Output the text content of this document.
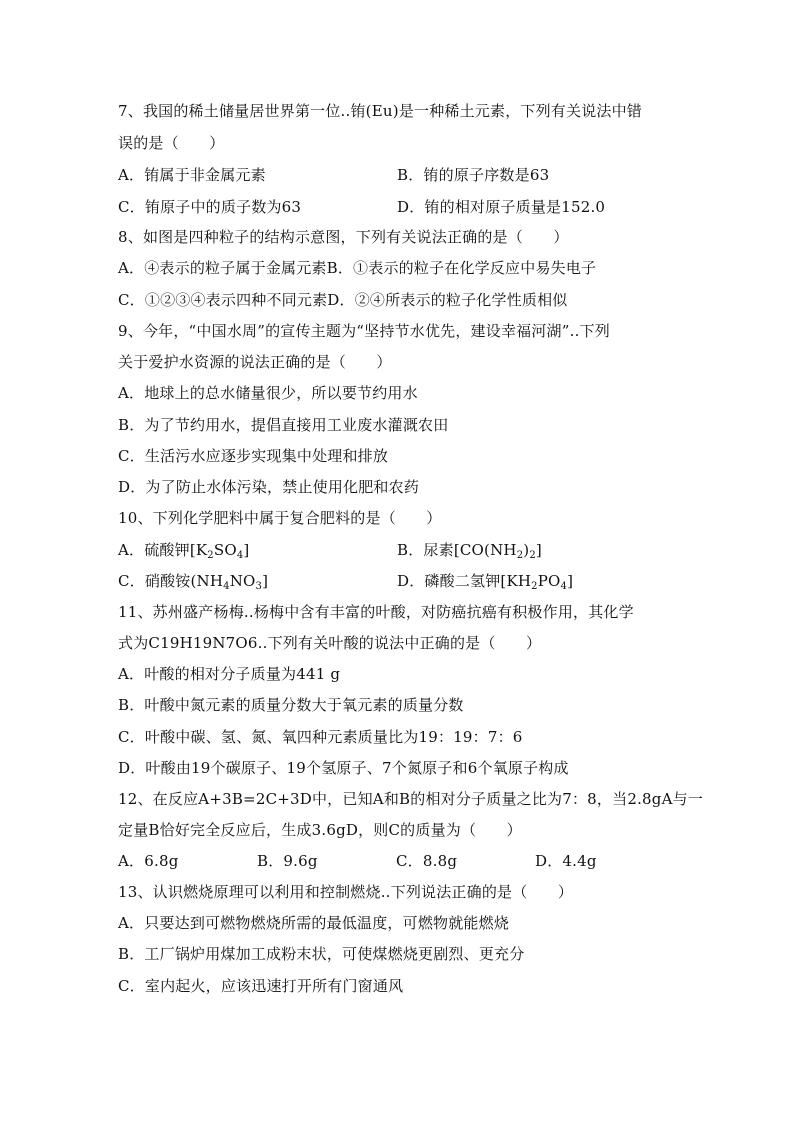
7、我国的稀土储量居世界第一位..铕(Eu)是一种稀土元素，下列有关说法中错
误的是（　　）
A．铕属于非金属元素	B．铕的原子序数是63
C．铕原子中的质子数为63	D．铕的相对原子质量是152.0
8、如图是四种粒子的结构示意图，下列有关说法正确的是（　　）
A．④表示的粒子属于金属元素B．①表示的粒子在化学反应中易失电子
C．①②③④表示四种不同元素D．②④所表示的粒子化学性质相似
9、今年，“中国水周”的宣传主题为“坚持节水优先，建设幸福河湖”..下列
关于爱护水资源的说法正确的是（　　）
A．地球上的总水储量很少，所以要节约用水
B．为了节约用水，提倡直接用工业废水灌溉农田
C．生活污水应逐步实现集中处理和排放
D．为了防止水体污染，禁止使用化肥和农药
10、下列化学肥料中属于复合肥料的是（　　）
A．硫酸钾$[K_2SO_4]$	B．尿素$[CO(NH_2)_2]$
C．硝酸铵$(NH_4NO_3]$	D．磷酸二氢钾$[KH_2PO_4]$
11、苏州盛产杨梅..杨梅中含有丰富的叶酸，对防癌抗癌有积极作用，其化学
式为C19H19N7O6..下列有关叶酸的说法中正确的是（　　）
A．叶酸的相对分子质量为441 g
B．叶酸中氮元素的质量分数大于氧元素的质量分数
C．叶酸中碳、氢、氮、氧四种元素质量比为19：19：7：6
D．叶酸由19个碳原子、19个氢原子、7个氮原子和6个氧原子构成
12、在反应A+3B=2C+3D中，已知A和B的相对分子质量之比为7：8，当2.8gA与一
定量B恰好完全反应后，生成3.6gD，则C的质量为（　　）
A．6.8g	B．9.6g	C．8.8g	D．4.4g
13、认识燃烧原理可以利用和控制燃烧..下列说法正确的是（　　）
A．只要达到可燃物燃烧所需的最低温度，可燃物就能燃烧
B．工厂锅炉用煤加工成粉末状，可使煤燃烧更剧烈、更充分
C．室内起火，应该迅速打开所有门窗通风
